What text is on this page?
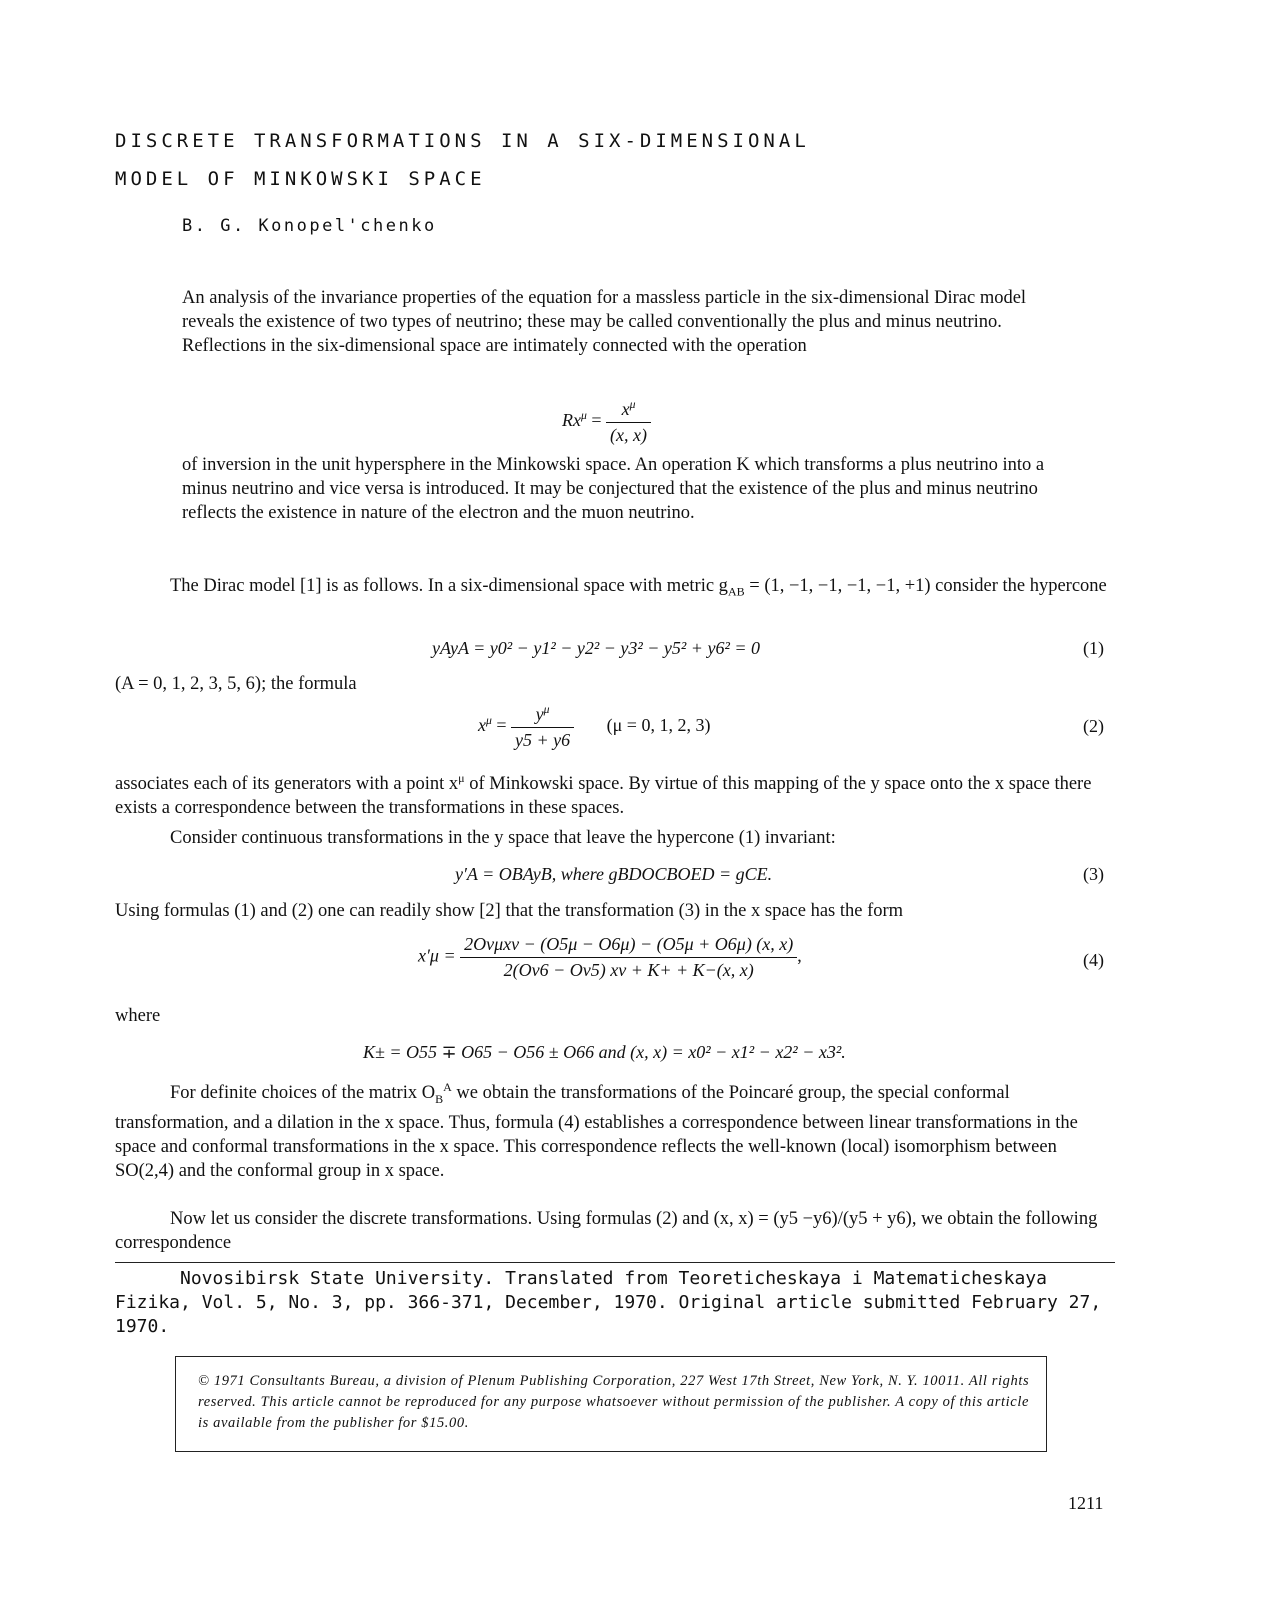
DISCRETE TRANSFORMATIONS IN A SIX-DIMENSIONAL
MODEL OF MINKOWSKI SPACE
B. G. Konopel'chenko
An analysis of the invariance properties of the equation for a massless particle in the six-dimensional Dirac model reveals the existence of two types of neutrino; these may be called conventionally the plus and minus neutrino. Reflections in the six-dimensional space are intimately connected with the operation
$Rx^\mu = \frac{x^\mu}{(x, x)}$
of inversion in the unit hypersphere in the Minkowski space. An operation K which transforms a plus neutrino into a minus neutrino and vice versa is introduced. It may be conjectured that the existence of the plus and minus neutrino reflects the existence in nature of the electron and the muon neutrino.

The Dirac model [1] is as follows. In a six-dimensional space with metric $g_{AB} = (1$, −1, −1, −1, −1, +1) consider the hypercone

yAyA = y0² − y1² − y2² − y3² − y5² + y6² = 0	(1)
(A = 0, 1, 2, 3, 5, 6); the formula
$x^\mu = \frac{y^\mu}{y5 + y6} (\mu = 0$, 1, 2, 3)	(2)

associates each of its generators with a point $x^\mu$ of Minkowski space. By virtue of this mapping of the y space onto the x space there exists a correspondence between the transformations in these spaces.

Consider continuous transformations in the y space that leave the hypercone (1) invariant:

y′A = OBAyB, where gBDOCBOED = gCE.	(3)
Using formulas (1) and (2) one can readily show [2] that the transformation (3) in the x space has the form
$x'\mu = \frac{\text{2Oνμxν − (O5μ − O6μ) − (O5μ + O6μ) (x, x)}}{2(O\nu 6 - O\nu 5) x\nu + K+ + K-(x, x)}$ ,	(4)
where
K± = O55 ∓ O65 − O56 ± O66 and (x, x) = x0² − x1² − x2² − x3².

For definite choices of the matrix $O_B^A$ we obtain the transformations of the Poincaré group, the special conformal transformation, and a dilation in the x space. Thus, formula (4) establishes a correspondence between linear transformations in the space and conformal transformations in the x space. This correspondence reflects the well-known (local) isomorphism between SO(2,4) and the conformal group in x space.

Now let us consider the discrete transformations. Using formulas (2) and (x, x) = (y5 −y6)/(y5 + y6), we obtain the following correspondence

Novosibirsk State University. Translated from Teoreticheskaya i Matematicheskaya Fizika, Vol. 5, No. 3, pp. 366-371, December, 1970. Original article submitted February 27, 1970.

© 1971 Consultants Bureau, a division of Plenum Publishing Corporation, 227 West 17th Street, New York, N. Y. 10011. All rights reserved. This article cannot be reproduced for any purpose whatsoever without permission of the publisher. A copy of this article is available from the publisher for $15.00.
1211
